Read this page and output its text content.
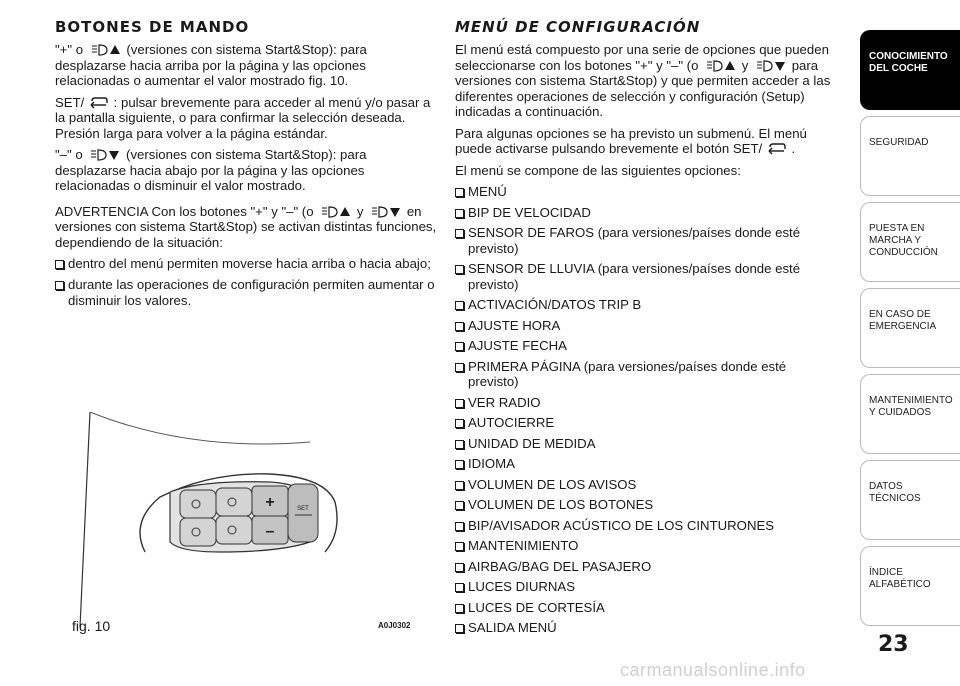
BOTONES DE MANDO

"+" o	(versiones con sistema Start&Stop): para desplazarse hacia arriba por la página y las opciones relacionadas o aumentar el valor mostrado fig. 10.

SET/ : pulsar brevemente para acceder al menú y/o pasar a la pantalla siguiente, o para confirmar la selección deseada. Presión larga para volver a la página estándar.

"–" o	(versiones con sistema Start&Stop): para desplazarse hacia abajo por la página y las opciones relacionadas o disminuir el valor mostrado.

ADVERTENCIA Con los botones "+" y "–" (o	y	en versiones con sistema Start&Stop) se activan distintas funciones, dependiendo de la situación:

dentro del menú permiten moverse hacia arriba o hacia abajo;
durante las operaciones de configuración permiten aumentar o disminuir los valores.
+
–
SET
fig. 10	A0J0302
MENÚ DE CONFIGURACIÓN

El menú está compuesto por una serie de opciones que pueden seleccionarse con los botones "+" y "–" (o	y	para versiones con sistema Start&Stop) y que permiten acceder a las diferentes operaciones de selección y configuración (Setup) indicadas a continuación.

Para algunas opciones se ha previsto un submenú. El menú puede activarse pulsando brevemente el botón SET/ .

El menú se compone de las siguientes opciones:

MENÚ
BIP DE VELOCIDAD
SENSOR DE FAROS (para versiones/países donde esté previsto)
SENSOR DE LLUVIA (para versiones/países donde esté previsto)
ACTIVACIÓN/DATOS TRIP B
AJUSTE HORA
AJUSTE FECHA
PRIMERA PÁGINA (para versiones/países donde esté previsto)
VER RADIO
AUTOCIERRE
UNIDAD DE MEDIDA
IDIOMA
VOLUMEN DE LOS AVISOS
VOLUMEN DE LOS BOTONES
BIP/AVISADOR ACÚSTICO DE LOS CINTURONES
MANTENIMIENTO
AIRBAG/BAG DEL PASAJERO
LUCES DIURNAS
LUCES DE CORTESÍA
SALIDA MENÚ
CONOCIMIENTO DEL COCHE
SEGURIDAD
PUESTA EN MARCHA Y CONDUCCIÓN
EN CASO DE EMERGENCIA
MANTENIMIENTO Y CUIDADOS
DATOS TÉCNICOS
ÍNDICE ALFABÉTICO
23
carmanualsonline.info
